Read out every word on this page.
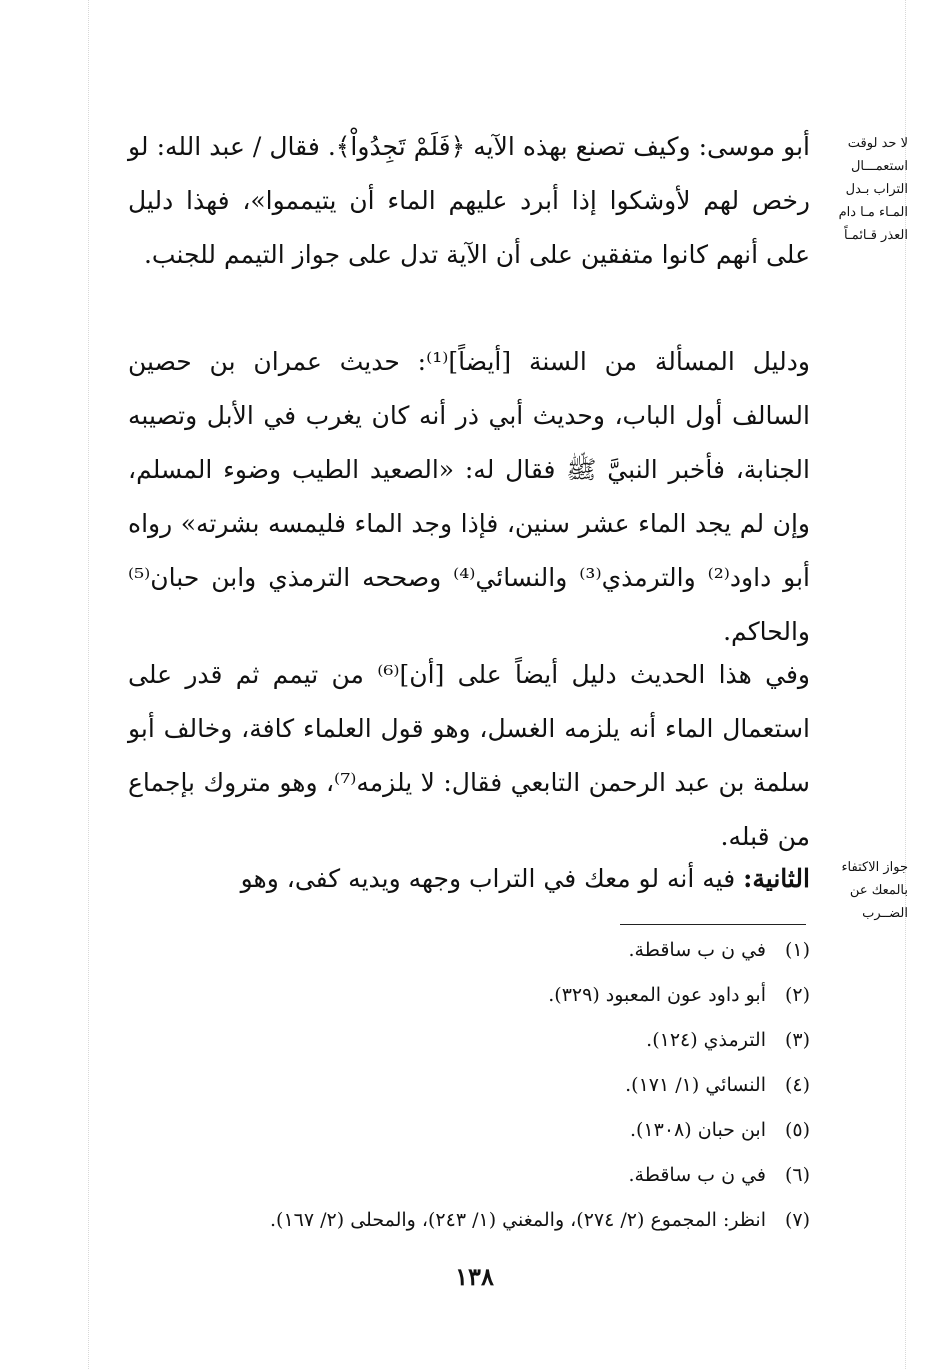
لا حد لوقت استعمـــال التراب بـدل المـاء مـا دام العذر قـائمـاً

أبو موسى: وكيف تصنع بهذه الآيه ﴿فَلَمْ تَجِدُواْ﴾. فقال / عبد الله: لو رخص لهم لأوشكوا إذا أبرد عليهم الماء أن يتيمموا»، فهذا دليل على أنهم كانوا متفقين على أن الآية تدل على جواز التيمم للجنب.

ودليل المسألة من السنة [أيضاً]⁽¹⁾: حديث عمران بن حصين السالف أول الباب، وحديث أبي ذر أنه كان يغرب في الأبل وتصيبه الجنابة، فأخبر النبيَّ ﷺ فقال له: «الصعيد الطيب وضوء المسلم، وإن لم يجد الماء عشر سنين، فإذا وجد الماء فليمسه بشرته» رواه أبو داود⁽²⁾ والترمذي⁽³⁾ والنسائي⁽⁴⁾ وصححه الترمذي وابن حبان⁽⁵⁾ والحاكم.

وفي هذا الحديث دليل أيضاً على [أن]⁽⁶⁾ من تيمم ثم قدر على استعمال الماء أنه يلزمه الغسل، وهو قول العلماء كافة، وخالف أبو سلمة بن عبد الرحمن التابعي فقال: لا يلزمه⁽⁷⁾، وهو متروك بإجماع من قبله.

جواز الاكتفاء بالمعك عن الضــرب

الثانية: فيه أنه لو معك في التراب وجهه ويديه كفى، وهو

(١)في ن ب ساقطة.
(٢)أبو داود عون المعبود (٣٢٩).
(٣)الترمذي (١٢٤).
(٤)النسائي (١/ ١٧١).
(٥)ابن حبان (١٣٠٨).
(٦)في ن ب ساقطة.
(٧)انظر: المجموع (٢/ ٢٧٤)، والمغني (١/ ٢٤٣)، والمحلى (٢/ ١٦٧).
١٣٨
